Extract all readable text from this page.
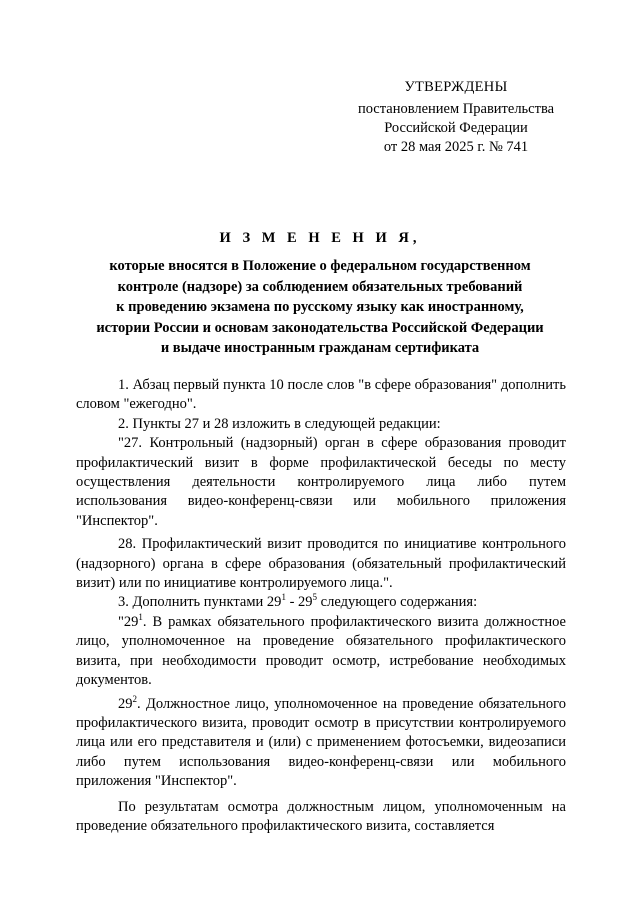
УТВЕРЖДЕНЫ
постановлением Правительства
Российской Федерации
от 28 мая 2025 г. № 741
И З М Е Н Е Н И Я,
которые вносятся в Положение о федеральном государственном
контроле (надзоре) за соблюдением обязательных требований
к проведению экзамена по русскому языку как иностранному,
истории России и основам законодательства Российской Федерации
и выдаче иностранным гражданам сертификата

1. Абзац первый пункта 10 после слов "в сфере образования" дополнить словом "ежегодно".

2. Пункты 27 и 28 изложить в следующей редакции:

"27. Контрольный (надзорный) орган в сфере образования проводит профилактический визит в форме профилактической беседы по месту осуществления деятельности контролируемого лица либо путем использования видео-конференц-связи или мобильного приложения "Инспектор".

28. Профилактический визит проводится по инициативе контрольного (надзорного) органа в сфере образования (обязательный профилактический визит) или по инициативе контролируемого лица.".

3. Дополнить пунктами $29^1 - 29^5$ следующего содержания:

"$29^1$. В рамках обязательного профилактического визита должностное лицо, уполномоченное на проведение обязательного профилактического визита, при необходимости проводит осмотр, истребование необходимых документов.

$29^2$. Должностное лицо, уполномоченное на проведение обязательного профилактического визита, проводит осмотр в присутствии контролируемого лица или его представителя и (или) с применением фотосъемки, видеозаписи либо путем использования видео-конференц-связи или мобильного приложения "Инспектор".

По результатам осмотра должностным лицом, уполномоченным на проведение обязательного профилактического визита, составляется
